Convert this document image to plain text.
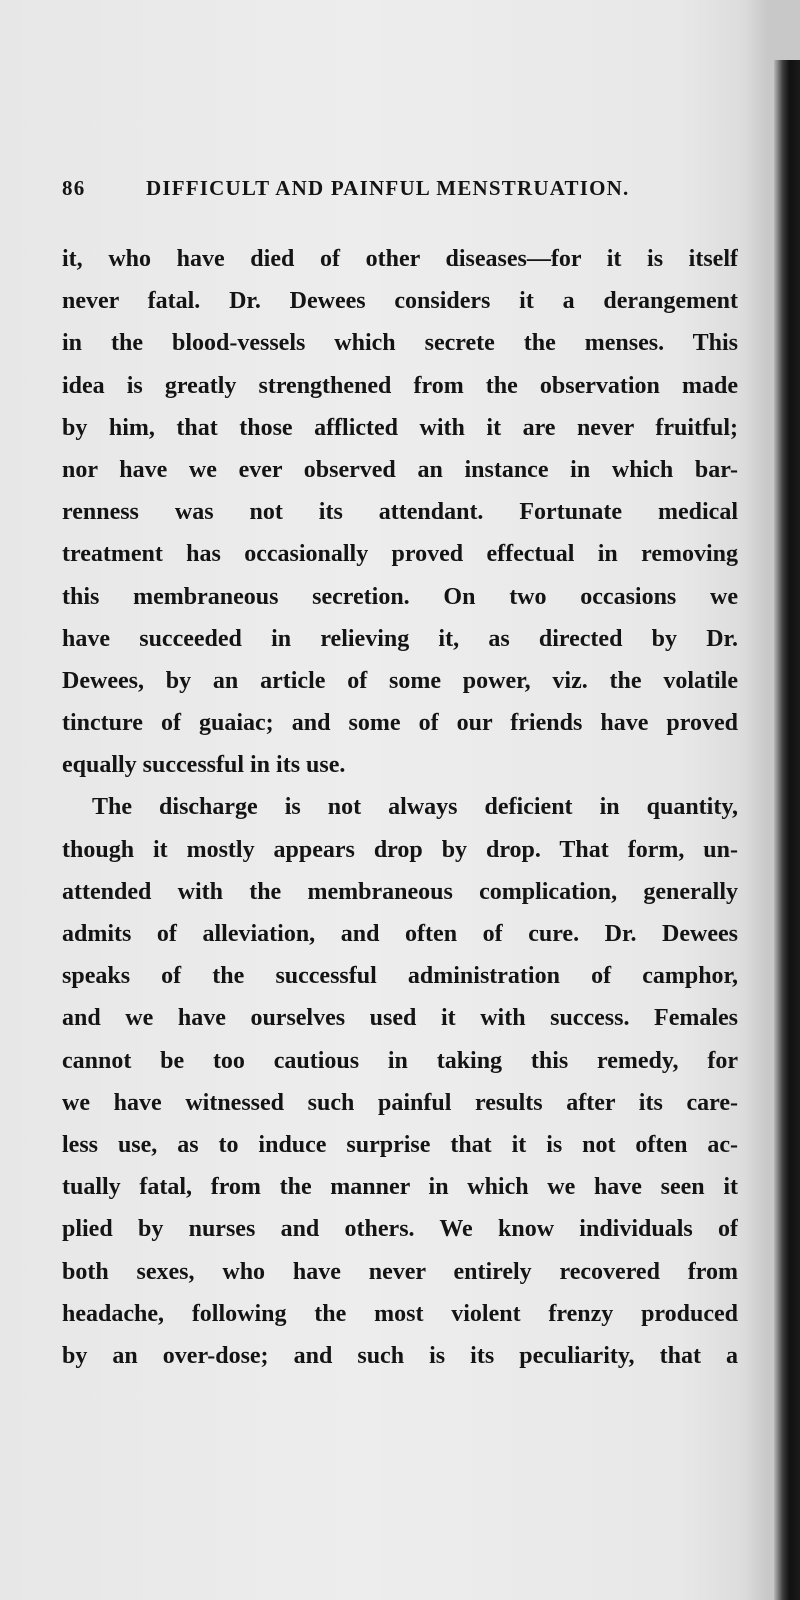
86	DIFFICULT AND PAINFUL MENSTRUATION.
it, who have died of other diseases—for it is itself
never fatal. Dr. Dewees considers it a derangement
in the blood-vessels which secrete the menses. This
idea is greatly strengthened from the observation made
by him, that those afflicted with it are never fruitful;
nor have we ever observed an instance in which bar-
renness was not its attendant. Fortunate medical
treatment has occasionally proved effectual in removing
this membraneous secretion. On two occasions we
have succeeded in relieving it, as directed by Dr.
Dewees, by an article of some power, viz. the volatile
tincture of guaiac; and some of our friends have proved
equally successful in its use.
The discharge is not always deficient in quantity,
though it mostly appears drop by drop. That form, un-
attended with the membraneous complication, generally
admits of alleviation, and often of cure. Dr. Dewees
speaks of the successful administration of camphor,
and we have ourselves used it with success. Females
cannot be too cautious in taking this remedy, for
we have witnessed such painful results after its care-
less use, as to induce surprise that it is not often ac-
tually fatal, from the manner in which we have seen it
plied by nurses and others. We know individuals of
both sexes, who have never entirely recovered from
headache, following the most violent frenzy produced
by an over-dose; and such is its peculiarity, that a
